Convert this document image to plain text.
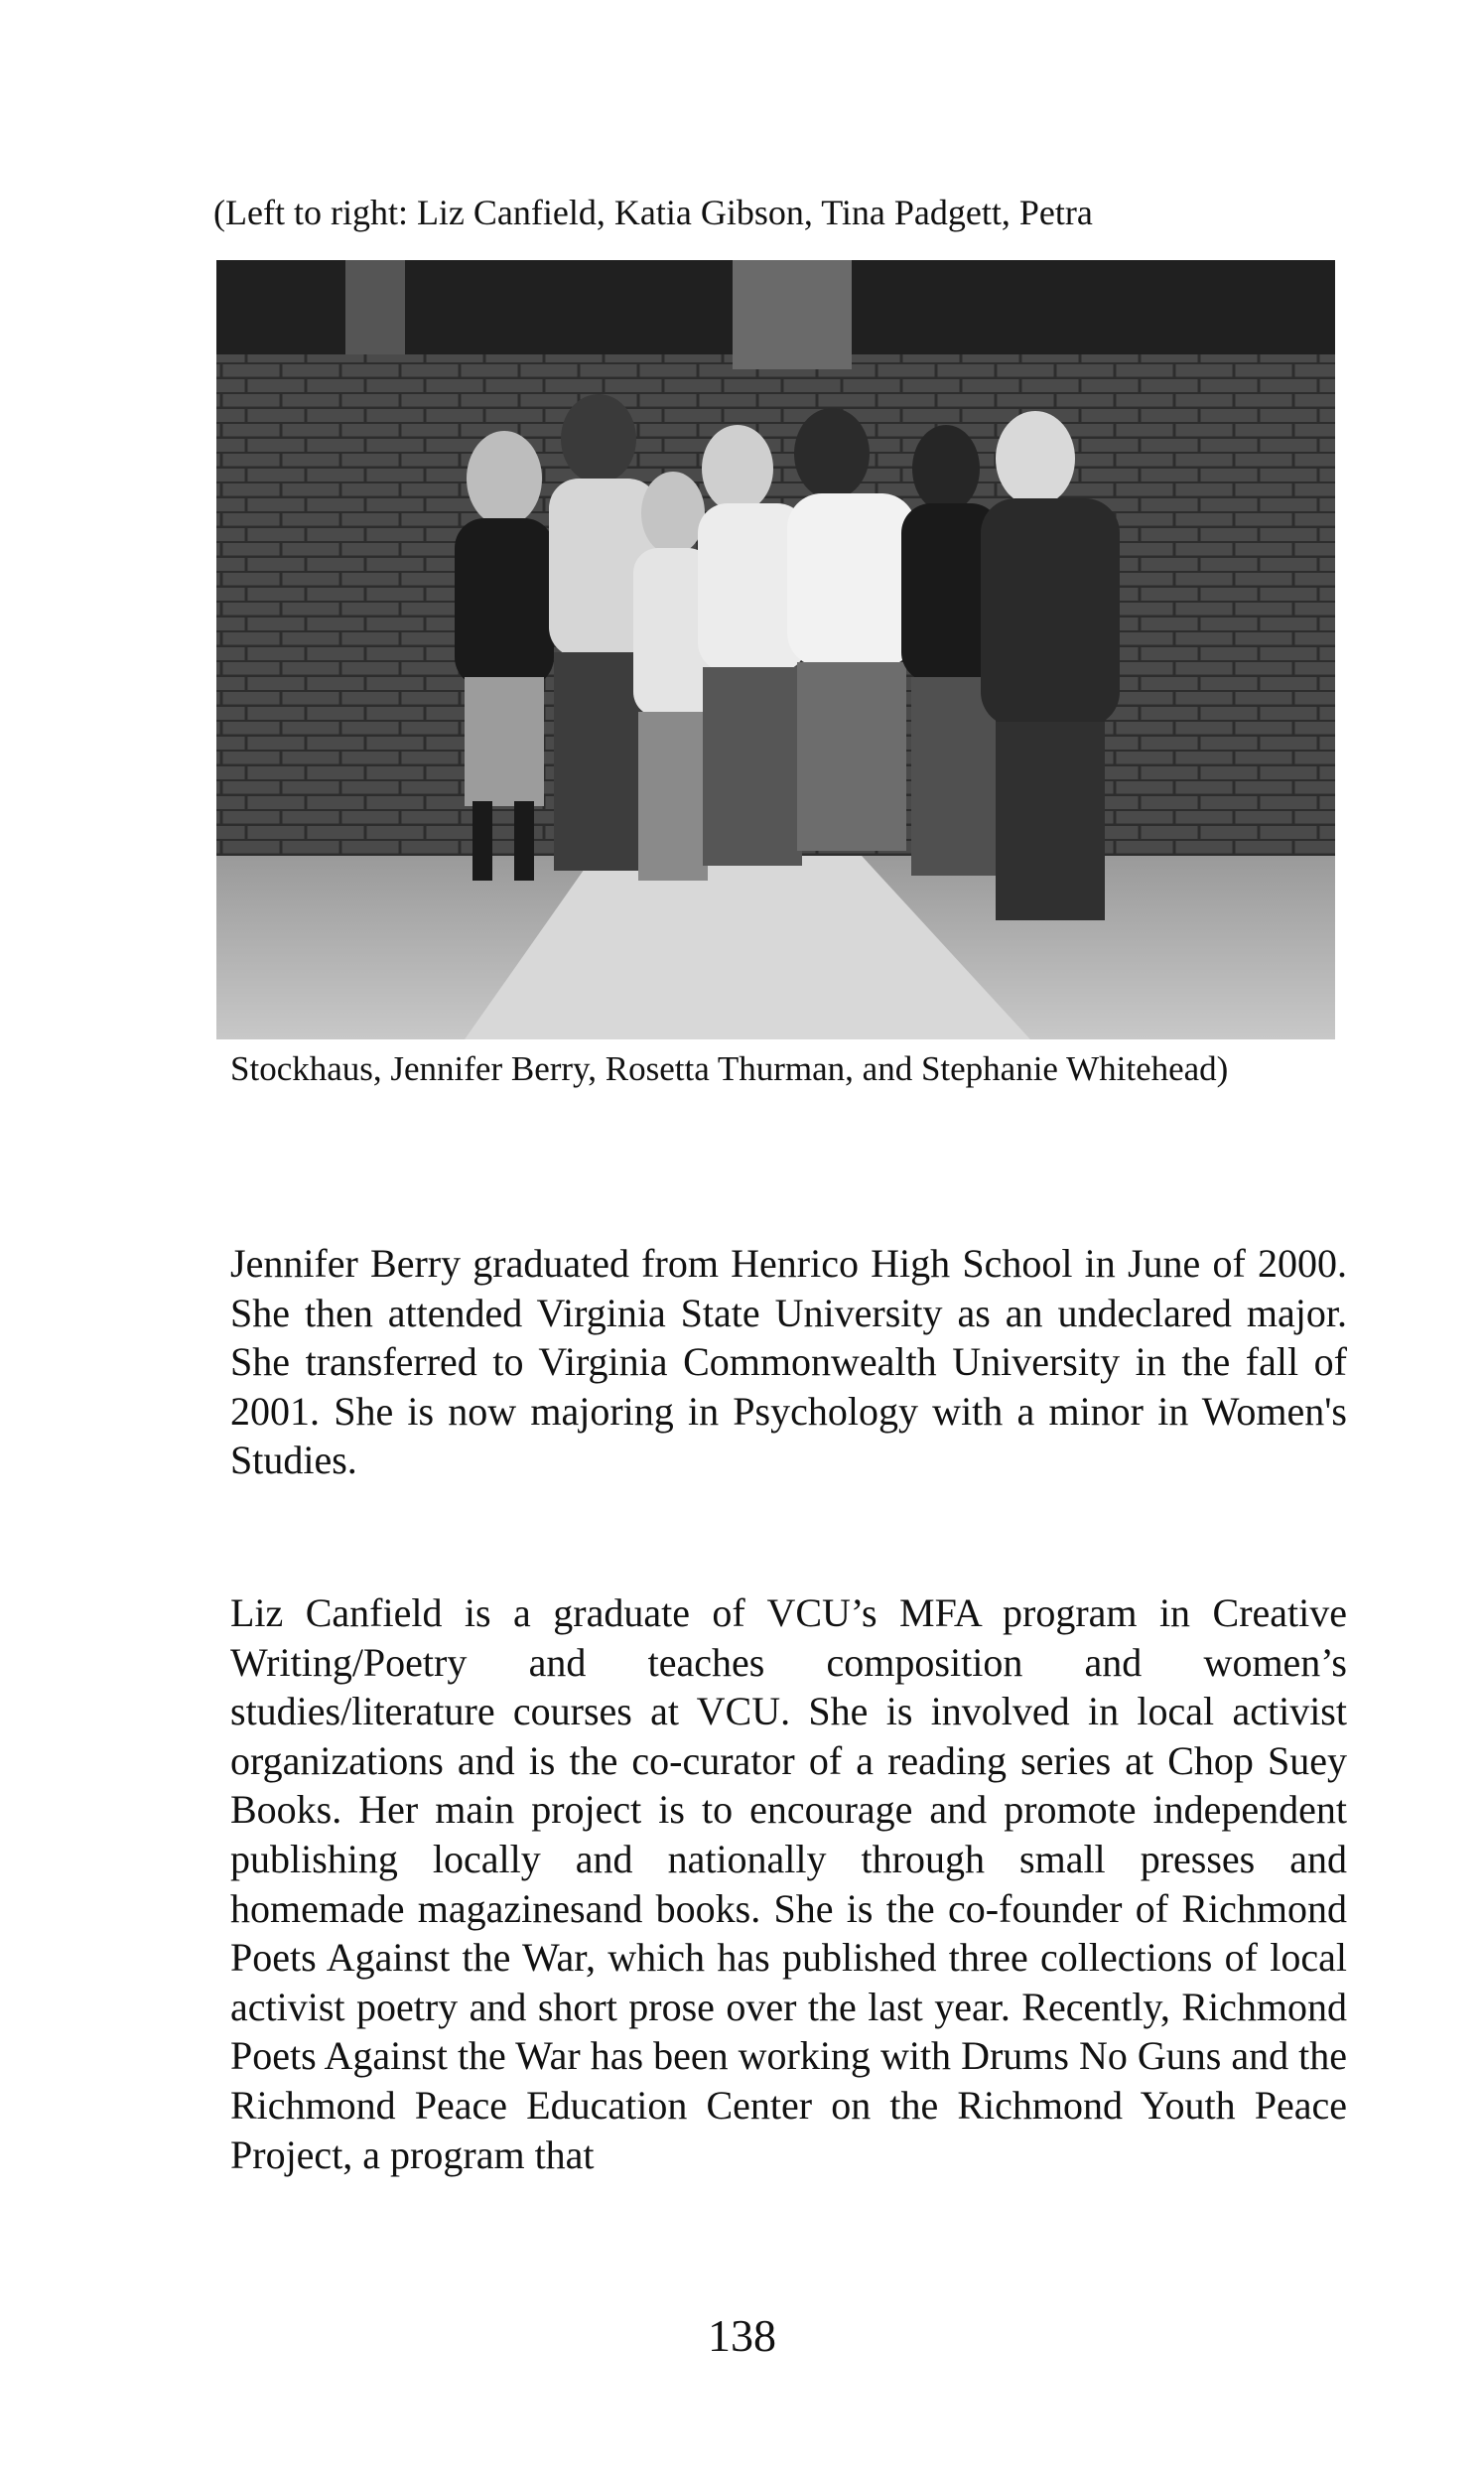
(Left to right: Liz Canfield, Katia Gibson, Tina Padgett, Petra
Stockhaus, Jennifer Berry, Rosetta Thurman, and Stephanie Whitehead)

Jennifer Berry graduated from Henrico High School in June of 2000. She then attended Virginia State University as an undeclared major. She transferred to Virginia Commonwealth University in the fall of 2001. She is now majoring in Psychology with a minor in Women's Studies.

Liz Canfield is a graduate of VCU’s MFA program in Creative Writing/Poetry and teaches composition and women’s studies/literature courses at VCU. She is involved in local activist organizations and is the co-curator of a reading series at Chop Suey Books. Her main project is to encourage and promote independent publishing locally and nationally through small presses and homemade magazinesand books. She is the co-founder of Richmond Poets Against the War, which has published three collections of local activist poetry and short prose over the last year. Recently, Richmond Poets Against the War has been working with Drums No Guns and the Richmond Peace Education Center on the Richmond Youth Peace Project, a program that

138
